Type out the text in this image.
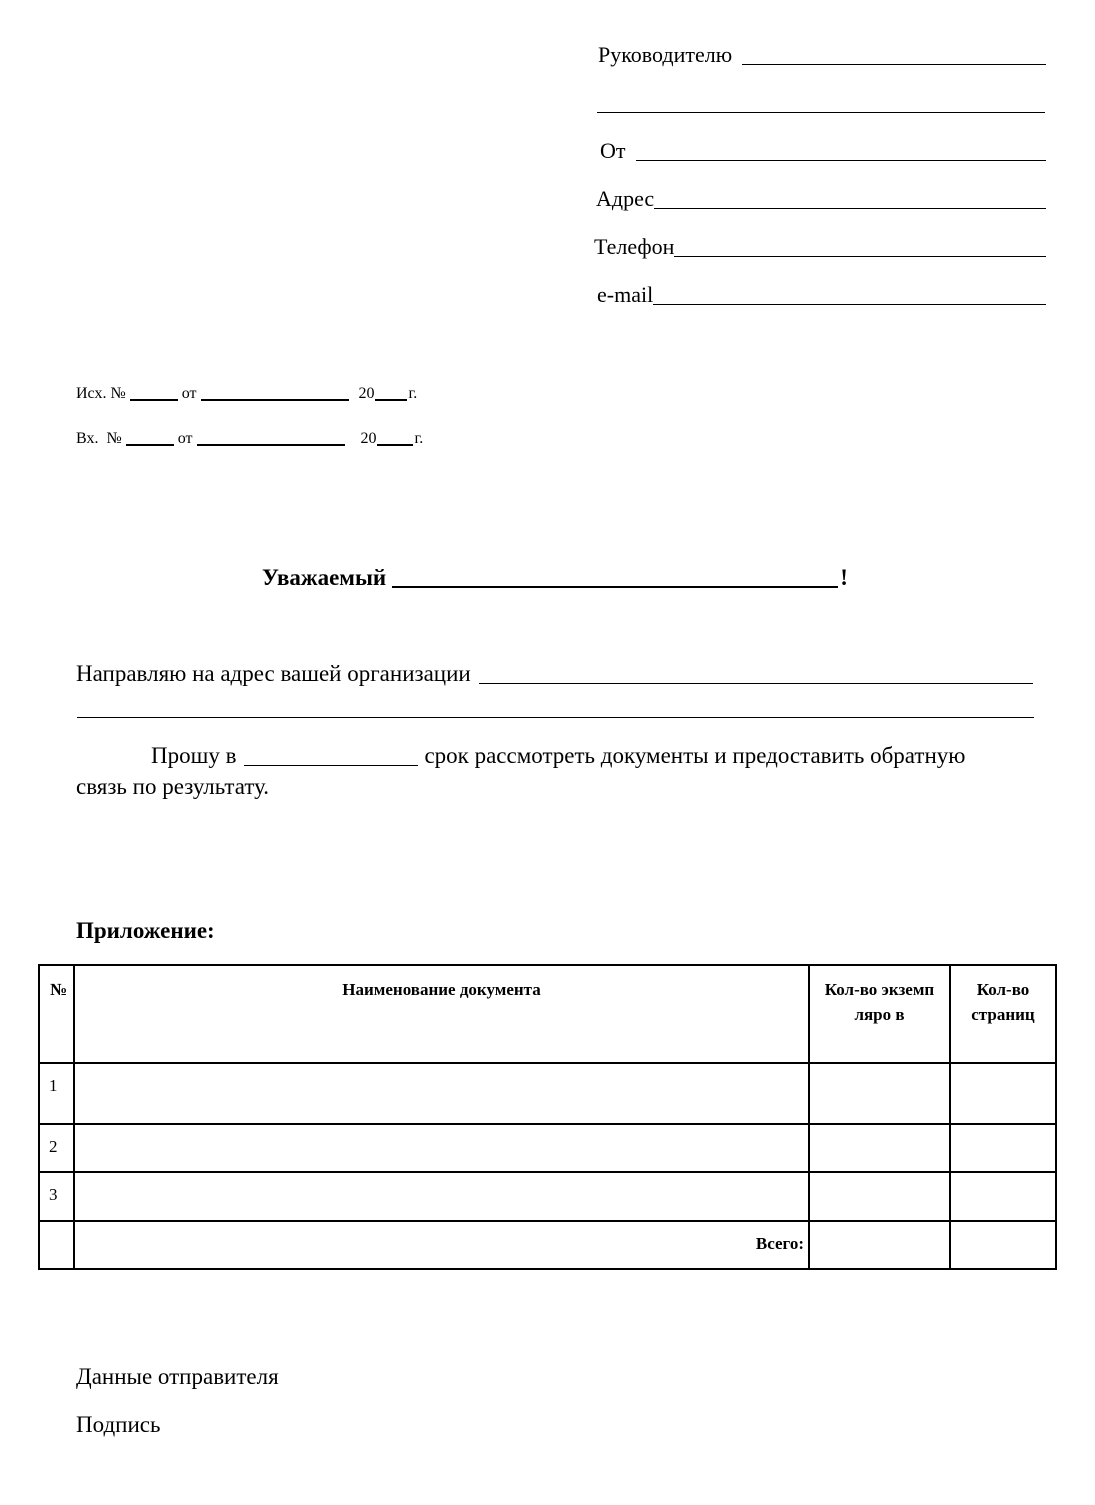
Руководителю
От
Адрес
Телефон
e-mail
Исх. №	от	20 г.
Вх.  №	от	20 г.
Уважаемый	!
Направляю на адрес вашей организации
Прошу в	срок рассмотреть документы и предоставить обратную
связь по результату.
Приложение:
№	Наименование документа	Кол-во экземпляро в	Кол-во страниц
1			
2			
3			
	Всего:		
Данные отправителя
Подпись
